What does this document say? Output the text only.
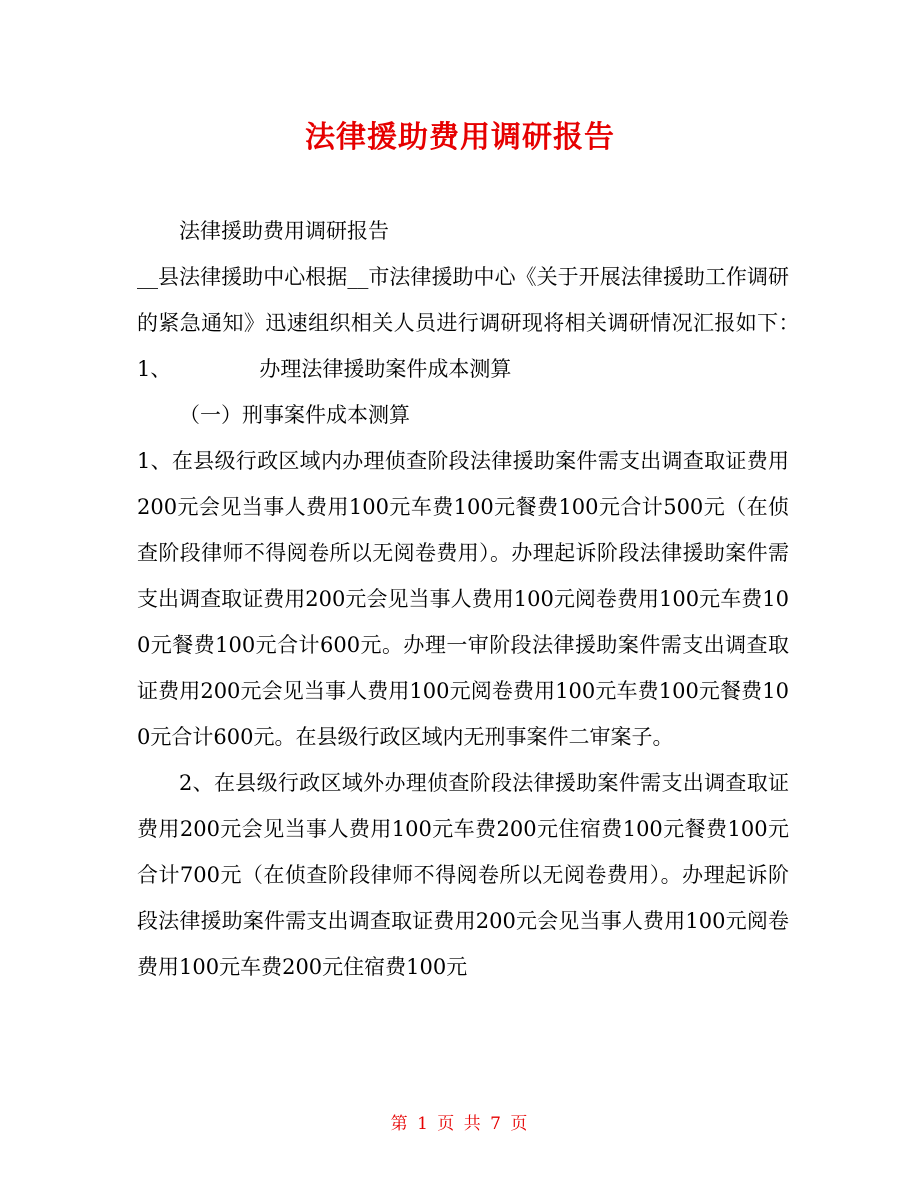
法律援助费用调研报告

法律援助费用调研报告

__县法律援助中心根据__市法律援助中心《关于开展法律援助工作调研的紧急通知》迅速组织相关人员进行调研现将相关调研情况汇报如下：　1、	办理法律援助案件成本测算

（一）刑事案件成本测算

1、在县级行政区域内办理侦查阶段法律援助案件需支出调查取证费用200元会见当事人费用100元车费100元餐费100元合计500元（在侦查阶段律师不得阅卷所以无阅卷费用）。办理起诉阶段法律援助案件需支出调查取证费用200元会见当事人费用100元阅卷费用100元车费100元餐费100元合计600元。办理一审阶段法律援助案件需支出调查取证费用200元会见当事人费用100元阅卷费用100元车费100元餐费100元合计600元。在县级行政区域内无刑事案件二审案子。

2、在县级行政区域外办理侦查阶段法律援助案件需支出调查取证费用200元会见当事人费用100元车费200元住宿费100元餐费100元合计700元（在侦查阶段律师不得阅卷所以无阅卷费用）。办理起诉阶段法律援助案件需支出调查取证费用200元会见当事人费用100元阅卷费用100元车费200元住宿费100元

第 1 页 共 7 页
